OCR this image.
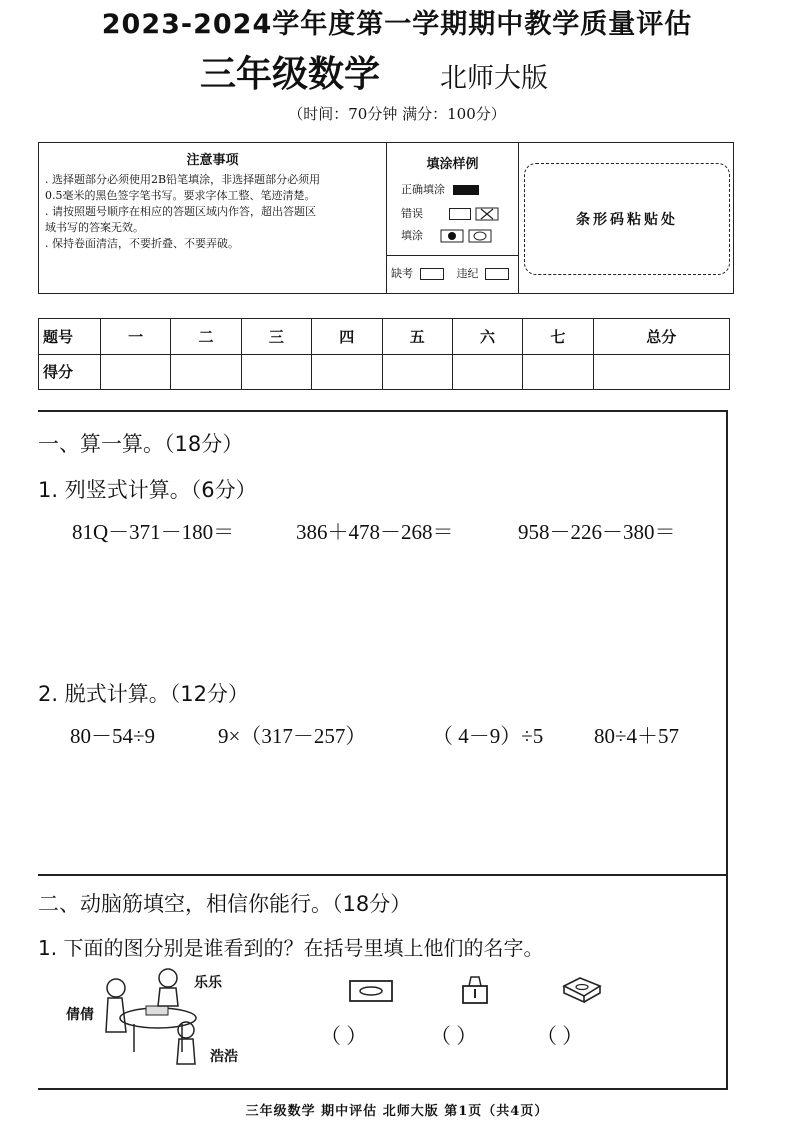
2023-2024学年度第一学期期中教学质量评估
三年级数学 北师大版
（时间：70分钟 满分：100分）
注意事项
. 选择题部分必须使用2B铅笔填涂，非选择题部分必须用
0.5毫米的黑色签字笔书写。要求字体工整、笔迹清楚。
. 请按照题号顺序在相应的答题区域内作答，超出答题区
域书写的答案无效。
. 保持卷面清洁，不要折叠、不要弄破。
填涂样例
正确填涂
错误
填涂
缺考	违纪
条形码粘贴处
题号	一	二	三	四	五	六	七	总分
得分								
一、算一算。（18分）
1. 列竖式计算。（6分）
81Q－371－180＝	386＋478－268＝	958－226－380＝
2. 脱式计算。（12分）
80－54÷9	9×（317－257）	（ 4－9）÷5 80÷4＋57
二、动脑筋填空，相信你能行。（18分）
1. 下面的图分别是谁看到的？在括号里填上他们的名字。
乐乐
倩倩
浩浩
（ ）	（ ）	（ ）
三年级数学 期中评估 北师大版 第1页（共4页）
